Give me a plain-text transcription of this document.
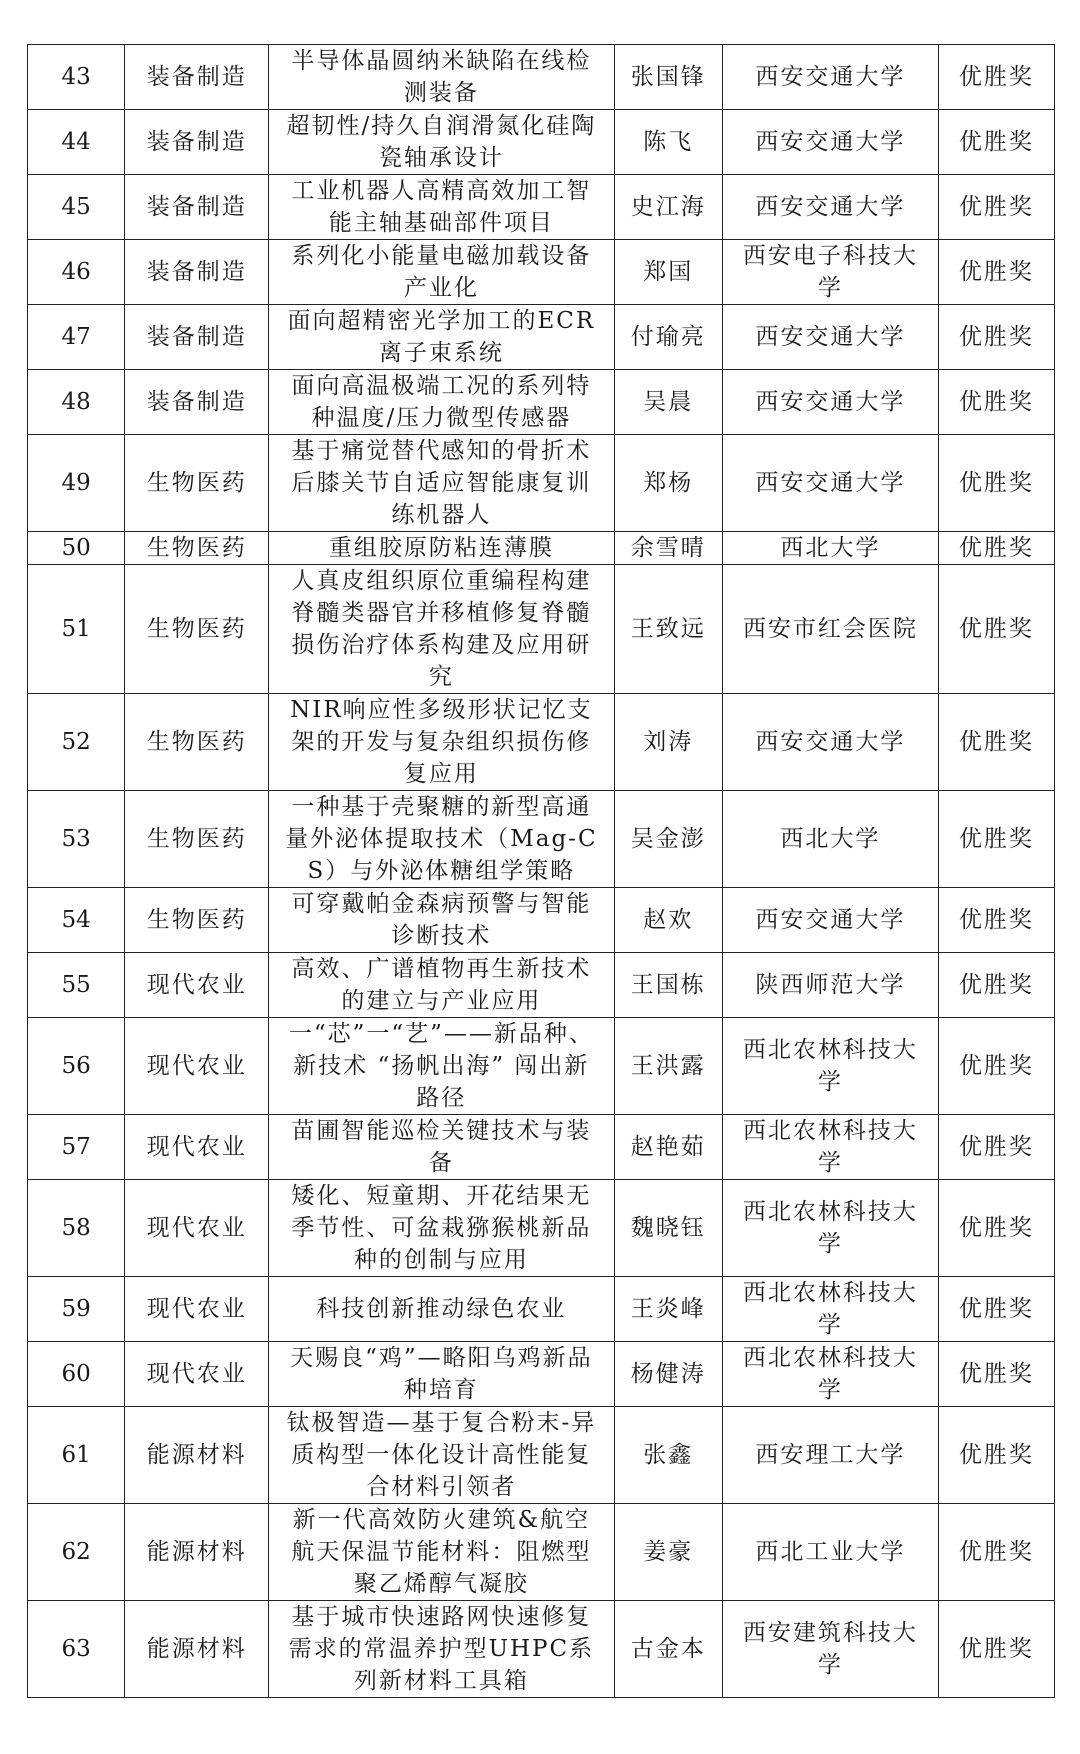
43	装备制造	半导体晶圆纳米缺陷在线检测装备	张国锋	西安交通大学	优胜奖
44	装备制造	超韧性/持久自润滑氮化硅陶瓷轴承设计	陈飞	西安交通大学	优胜奖
45	装备制造	工业机器人高精高效加工智能主轴基础部件项目	史江海	西安交通大学	优胜奖
46	装备制造	系列化小能量电磁加载设备产业化	郑国	西安电子科技大学	优胜奖
47	装备制造	面向超精密光学加工的ECR离子束系统	付瑜亮	西安交通大学	优胜奖
48	装备制造	面向高温极端工况的系列特种温度/压力微型传感器	吴晨	西安交通大学	优胜奖
49	生物医药	基于痛觉替代感知的骨折术后膝关节自适应智能康复训练机器人	郑杨	西安交通大学	优胜奖
50	生物医药	重组胶原防粘连薄膜	余雪晴	西北大学	优胜奖
51	生物医药	人真皮组织原位重编程构建脊髓类器官并移植修复脊髓损伤治疗体系构建及应用研究	王致远	西安市红会医院	优胜奖
52	生物医药	NIR响应性多级形状记忆支架的开发与复杂组织损伤修复应用	刘涛	西安交通大学	优胜奖
53	生物医药	一种基于壳聚糖的新型高通量外泌体提取技术（Mag-CS）与外泌体糖组学策略	吴金澎	西北大学	优胜奖
54	生物医药	可穿戴帕金森病预警与智能诊断技术	赵欢	西安交通大学	优胜奖
55	现代农业	高效、广谱植物再生新技术的建立与产业应用	王国栋	陕西师范大学	优胜奖
56	现代农业	一“芯”一“艺”——新品种、新技术 “扬帆出海” 闯出新路径	王洪露	西北农林科技大学	优胜奖
57	现代农业	苗圃智能巡检关键技术与装备	赵艳茹	西北农林科技大学	优胜奖
58	现代农业	矮化、短童期、开花结果无季节性、可盆栽猕猴桃新品种的创制与应用	魏晓钰	西北农林科技大学	优胜奖
59	现代农业	科技创新推动绿色农业	王炎峰	西北农林科技大学	优胜奖
60	现代农业	天赐良“鸡”—略阳乌鸡新品种培育	杨健涛	西北农林科技大学	优胜奖
61	能源材料	钛极智造—基于复合粉末-异质构型一体化设计高性能复合材料引领者	张鑫	西安理工大学	优胜奖
62	能源材料	新一代高效防火建筑&航空航天保温节能材料：阻燃型聚乙烯醇气凝胶	姜豪	西北工业大学	优胜奖
63	能源材料	基于城市快速路网快速修复需求的常温养护型UHPC系列新材料工具箱	古金本	西安建筑科技大学	优胜奖
